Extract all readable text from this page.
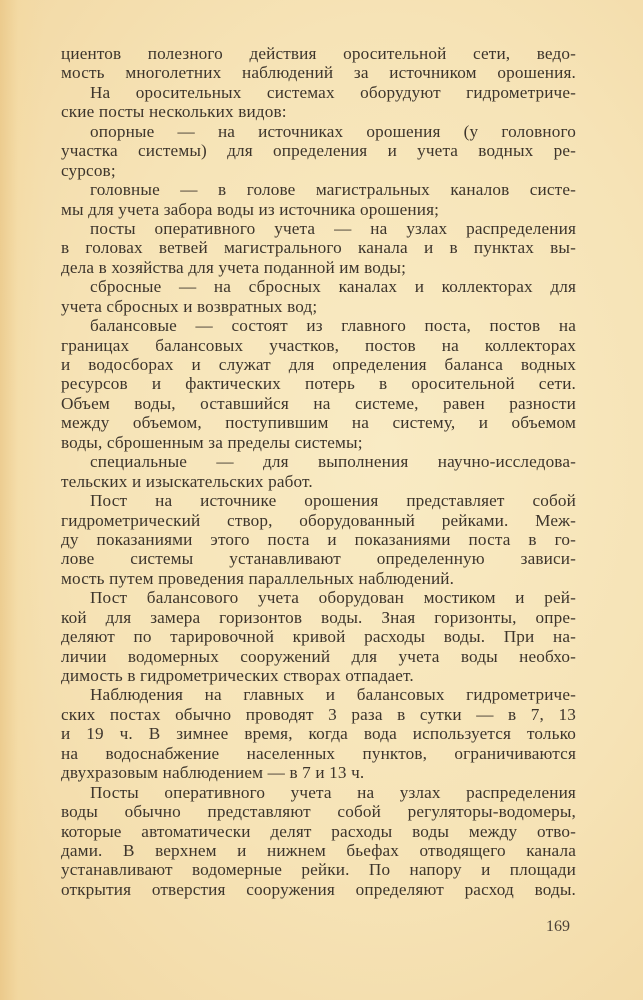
циентов полезного действия оросительной сети, ведо-
мость многолетних наблюдений за источником орошения.
На оросительных системах оборудуют гидрометриче-
ские посты нескольких видов:
опорные — на источниках орошения (у головного
участка системы) для определения и учета водных ре-
сурсов;
головные — в голове магистральных каналов систе-
мы для учета забора воды из источника орошения;
посты оперативного учета — на узлах распределения
в головах ветвей магистрального канала и в пунктах вы-
дела в хозяйства для учета поданной им воды;
сбросные — на сбросных каналах и коллекторах для
учета сбросных и возвратных вод;
балансовые — состоят из главного поста, постов на
границах балансовых участков, постов на коллекторах
и водосборах и служат для определения баланса водных
ресурсов и фактических потерь в оросительной сети.
Объем воды, оставшийся на системе, равен разности
между объемом, поступившим на систему, и объемом
воды, сброшенным за пределы системы;
специальные — для выполнения научно-исследова-
тельских и изыскательских работ.
Пост на источнике орошения представляет собой
гидрометрический створ, оборудованный рейками. Меж-
ду показаниями этого поста и показаниями поста в го-
лове системы устанавливают определенную зависи-
мость путем проведения параллельных наблюдений.
Пост балансового учета оборудован мостиком и рей-
кой для замера горизонтов воды. Зная горизонты, опре-
деляют по тарировочной кривой расходы воды. При на-
личии водомерных сооружений для учета воды необхо-
димость в гидрометрических створах отпадает.
Наблюдения на главных и балансовых гидрометриче-
ских постах обычно проводят 3 раза в сутки — в 7, 13
и 19 ч. В зимнее время, когда вода используется только
на водоснабжение населенных пунктов, ограничиваются
двухразовым наблюдением — в 7 и 13 ч.
Посты оперативного учета на узлах распределения
воды обычно представляют собой регуляторы-водомеры,
которые автоматически делят расходы воды между отво-
дами. В верхнем и нижнем бьефах отводящего канала
устанавливают водомерные рейки. По напору и площади
открытия отверстия сооружения определяют расход воды.
169
